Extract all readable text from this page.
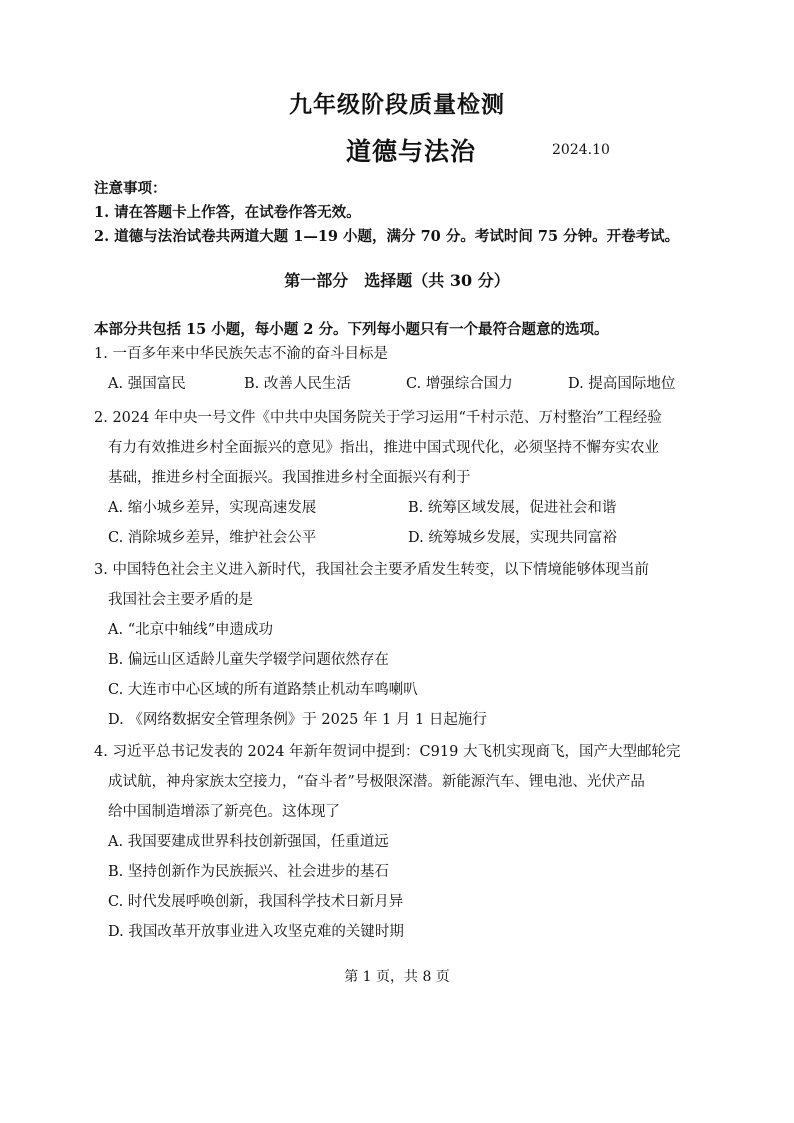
九年级阶段质量检测
道德与法治	2024.10
注意事项：
1. 请在答题卡上作答，在试卷作答无效。
2. 道德与法治试卷共两道大题 1—19 小题，满分 70 分。考试时间 75 分钟。开卷考试。
第一部分　选择题（共 30 分）
本部分共包括 15 小题，每小题 2 分。下列每小题只有一个最符合题意的选项。
1. 一百多年来中华民族矢志不渝的奋斗目标是
A. 强国富民	B. 改善人民生活	C. 增强综合国力	D. 提高国际地位
2. 2024 年中央一号文件《中共中央国务院关于学习运用“千村示范、万村整治”工程经验
有力有效推进乡村全面振兴的意见》指出，推进中国式现代化，必须坚持不懈夯实农业
基础，推进乡村全面振兴。我国推进乡村全面振兴有利于
A. 缩小城乡差异，实现高速发展	B. 统筹区域发展，促进社会和谐
C. 消除城乡差异，维护社会公平	D. 统筹城乡发展，实现共同富裕
3. 中国特色社会主义进入新时代，我国社会主要矛盾发生转变，以下情境能够体现当前
我国社会主要矛盾的是
A. “北京中轴线”申遗成功
B. 偏远山区适龄儿童失学辍学问题依然存在
C. 大连市中心区域的所有道路禁止机动车鸣喇叭
D. 《网络数据安全管理条例》于 2025 年 1 月 1 日起施行
4. 习近平总书记发表的 2024 年新年贺词中提到：C919 大飞机实现商飞，国产大型邮轮完
成试航，神舟家族太空接力，“奋斗者”号极限深潜。新能源汽车、锂电池、光伏产品
给中国制造增添了新亮色。这体现了
A. 我国要建成世界科技创新强国，任重道远
B. 坚持创新作为民族振兴、社会进步的基石
C. 时代发展呼唤创新，我国科学技术日新月异
D. 我国改革开放事业进入攻坚克难的关键时期
第 1 页，共 8 页
